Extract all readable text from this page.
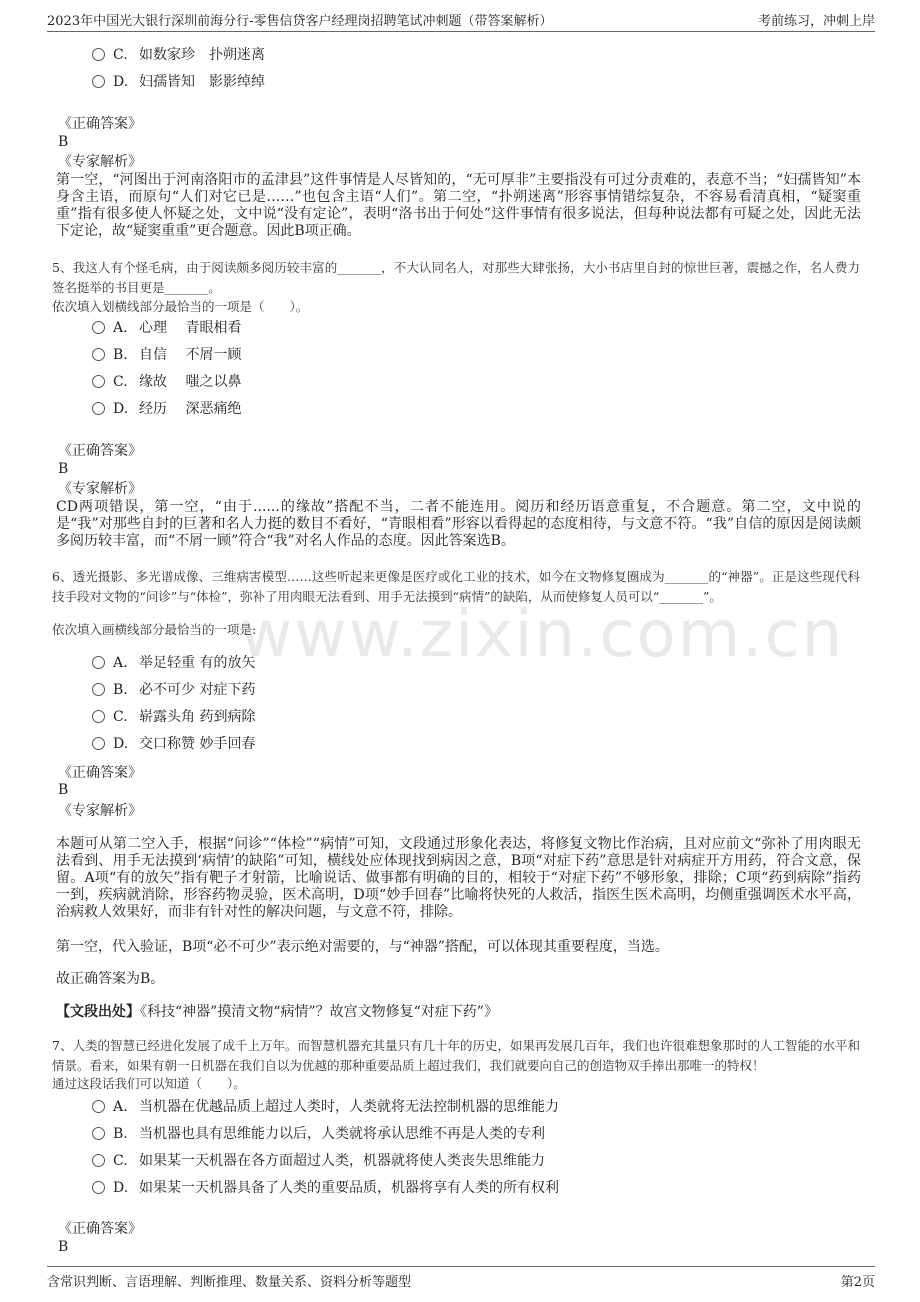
2023年中国光大银行深圳前海分行-零售信贷客户经理岗招聘笔试冲刺题（带答案解析）	考前练习，冲刺上岸
www.zixin.com.cn
C. 如数家珍　扑朔迷离
D. 妇孺皆知　影影绰绰
《正确答案》
B
《专家解析》
第一空，“河图出于河南洛阳市的孟津县”这件事情是人尽皆知的，“无可厚非”主要指没有可过分责难的，表意不当；“妇孺皆知”本身含主语，而原句“人们对它已是……”也包含主语“人们”。第二空，“扑朔迷离”形容事情错综复杂，不容易看清真相，“疑窦重重”指有很多使人怀疑之处，文中说“没有定论”，表明“洛书出于何处”这件事情有很多说法，但每种说法都有可疑之处，因此无法下定论，故“疑窦重重”更合题意。因此B项正确。
5、我这人有个怪毛病，由于阅读颇多阅历较丰富的_______，不大认同名人，对那些大肆张扬，大小书店里自封的惊世巨著，震撼之作，名人费力签名挺举的书目更是_______。
依次填入划横线部分最恰当的一项是（　　）。
A. 心理　 青眼相看
B. 自信　 不屑一顾
C. 缘故　 嗤之以鼻
D. 经历　 深恶痛绝
《正确答案》
B
《专家解析》
CD两项错误，第一空，“由于......的缘故”搭配不当，二者不能连用。阅历和经历语意重复，不合题意。第二空，文中说的是“我”对那些自封的巨著和名人力挺的数目不看好，“青眼相看”形容以看得起的态度相待，与文意不符。“我”自信的原因是阅读颇多阅历较丰富，而“不屑一顾”符合“我”对名人作品的态度。因此答案选B。
6、透光摄影、多光谱成像、三维病害模型……这些听起来更像是医疗或化工业的技术，如今在文物修复圈成为_______的“神器”。正是这些现代科技手段对文物的“问诊”与“体检”，弥补了用肉眼无法看到、用手无法摸到“病情”的缺陷，从而使修复人员可以“_______”。
依次填入画横线部分最恰当的一项是:
A. 举足轻重 有的放矢
B. 必不可少 对症下药
C. 崭露头角 药到病除
D. 交口称赞 妙手回春
《正确答案》
B
《专家解析》
本题可从第二空入手，根据“问诊”“体检”“病情”可知，文段通过形象化表达，将修复文物比作治病，且对应前文“弥补了用肉眼无法看到、用手无法摸到‘病情’的缺陷”可知，横线处应体现找到病因之意，B项“对症下药”意思是针对病症开方用药，符合文意，保留。A项“有的放矢”指有靶子才射箭，比喻说话、做事都有明确的目的，相较于“对症下药”不够形象，排除；C项“药到病除”指药一到，疾病就消除，形容药物灵验，医术高明，D项“妙手回春”比喻将快死的人救活，指医生医术高明，均侧重强调医术水平高，治病救人效果好，而非有针对性的解决问题，与文意不符，排除。
第一空，代入验证，B项“必不可少”表示绝对需要的，与“神器”搭配，可以体现其重要程度，当选。
故正确答案为B。
【文段出处】《科技“神器”摸清文物“病情”？故宫文物修复“对症下药”》
7、人类的智慧已经进化发展了成千上万年。而智慧机器充其量只有几十年的历史，如果再发展几百年，我们也许很难想象那时的人工智能的水平和情景。看来，如果有朝一日机器在我们自以为优越的那种重要品质上超过我们，我们就要向自己的创造物双手捧出那唯一的特权！
通过这段话我们可以知道（　　）。
A. 当机器在优越品质上超过人类时，人类就将无法控制机器的思维能力
B. 当机器也具有思维能力以后，人类就将承认思维不再是人类的专利
C. 如果某一天机器在各方面超过人类，机器就将使人类丧失思维能力
D. 如果某一天机器具备了人类的重要品质，机器将享有人类的所有权利
《正确答案》
B
含常识判断、言语理解、判断推理、数量关系、资料分析等题型	第2页
